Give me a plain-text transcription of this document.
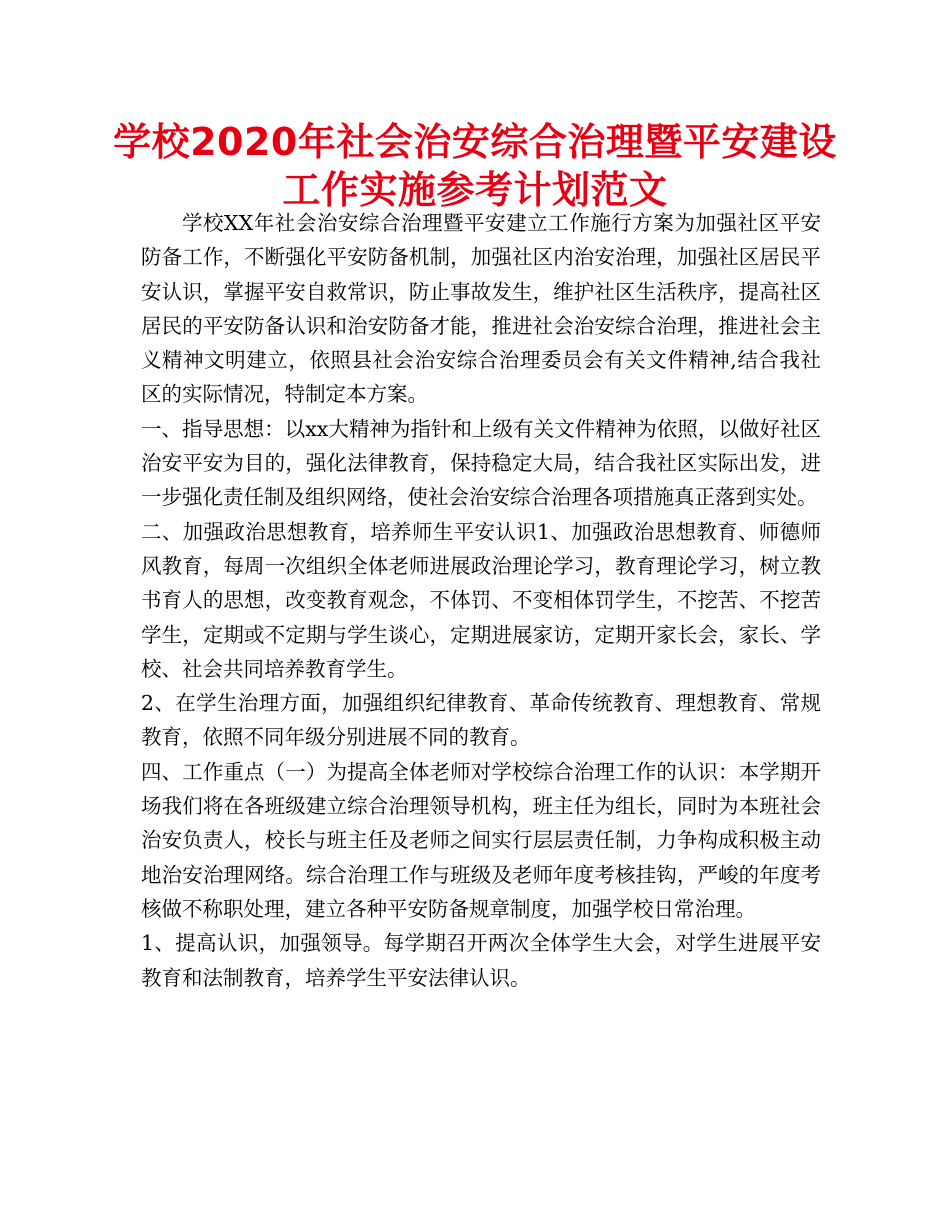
学校2020年社会治安综合治理暨平安建设
工作实施参考计划范文

学校XX年社会治安综合治理暨平安建立工作施行方案为加强社区平安防备工作，不断强化平安防备机制，加强社区内治安治理，加强社区居民平安认识，掌握平安自救常识，防止事故发生，维护社区生活秩序，提高社区居民的平安防备认识和治安防备才能，推进社会治安综合治理，推进社会主义精神文明建立，依照县社会治安综合治理委员会有关文件精神,结合我社区的实际情况，特制定本方案。

一、指导思想：以xx大精神为指针和上级有关文件精神为依照，以做好社区治安平安为目的，强化法律教育，保持稳定大局，结合我社区实际出发，进一步强化责任制及组织网络，使社会治安综合治理各项措施真正落到实处。

二、加强政治思想教育，培养师生平安认识1、加强政治思想教育、师德师风教育，每周一次组织全体老师进展政治理论学习，教育理论学习，树立教书育人的思想，改变教育观念，不体罚、不变相体罚学生，不挖苦、不挖苦学生，定期或不定期与学生谈心，定期进展家访，定期开家长会，家长、学校、社会共同培养教育学生。

2、在学生治理方面，加强组织纪律教育、革命传统教育、理想教育、常规教育，依照不同年级分别进展不同的教育。

四、工作重点（一）为提高全体老师对学校综合治理工作的认识：本学期开场我们将在各班级建立综合治理领导机构，班主任为组长，同时为本班社会治安负责人，校长与班主任及老师之间实行层层责任制，力争构成积极主动地治安治理网络。综合治理工作与班级及老师年度考核挂钩，严峻的年度考核做不称职处理，建立各种平安防备规章制度，加强学校日常治理。

1、提高认识，加强领导。每学期召开两次全体学生大会，对学生进展平安教育和法制教育，培养学生平安法律认识。
